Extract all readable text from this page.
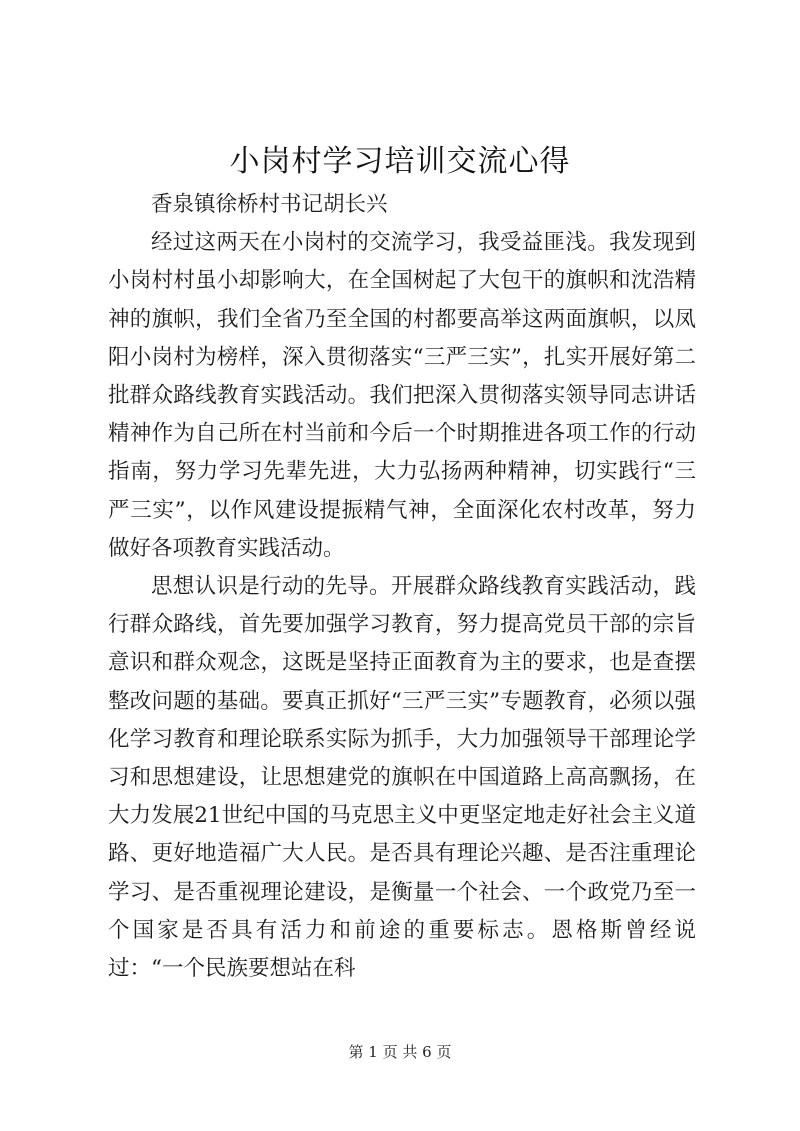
小岗村学习培训交流心得

香泉镇徐桥村书记胡长兴

经过这两天在小岗村的交流学习，我受益匪浅。我发现到小岗村村虽小却影响大，在全国树起了大包干的旗帜和沈浩精神的旗帜，我们全省乃至全国的村都要高举这两面旗帜，以凤阳小岗村为榜样，深入贯彻落实“三严三实”，扎实开展好第二批群众路线教育实践活动。我们把深入贯彻落实领导同志讲话精神作为自己所在村当前和今后一个时期推进各项工作的行动指南，努力学习先辈先进，大力弘扬两种精神，切实践行“三严三实”，以作风建设提振精气神，全面深化农村改革，努力做好各项教育实践活动。

思想认识是行动的先导。开展群众路线教育实践活动，践行群众路线，首先要加强学习教育，努力提高党员干部的宗旨意识和群众观念，这既是坚持正面教育为主的要求，也是查摆整改问题的基础。要真正抓好“三严三实”专题教育，必须以强化学习教育和理论联系实际为抓手，大力加强领导干部理论学习和思想建设，让思想建党的旗帜在中国道路上高高飘扬，在大力发展21世纪中国的马克思主义中更坚定地走好社会主义道路、更好地造福广大人民。是否具有理论兴趣、是否注重理论学习、是否重视理论建设，是衡量一个社会、一个政党乃至一个国家是否具有活力和前途的重要标志。恩格斯曾经说过：“一个民族要想站在科

第 1 页 共 6 页
